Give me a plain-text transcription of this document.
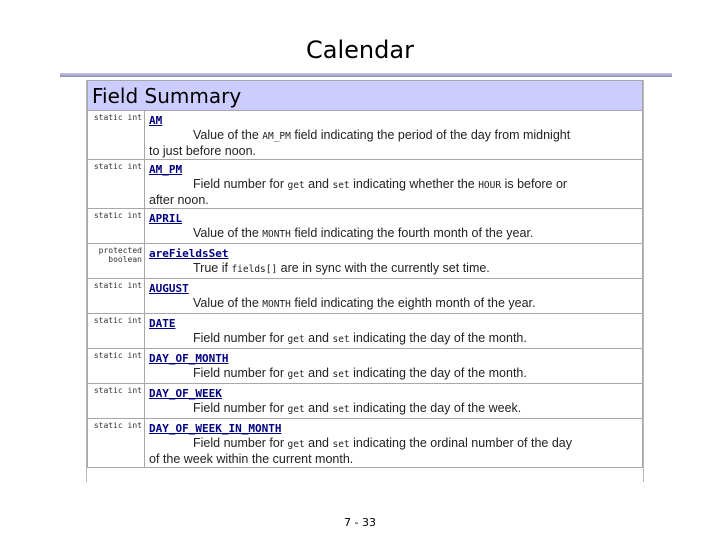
Calendar
Field Summary	
static int	AM
Value of the AM_PM field indicating the period of the day from midnight
to just before noon.

static int	AM_PM
Field number for get and set indicating whether the HOUR is before or
after noon.

static int	APRIL
Value of the MONTH field indicating the fourth month of the year.

protected boolean	areFieldsSet
True if fields[] are in sync with the currently set time.

static int	AUGUST
Value of the MONTH field indicating the eighth month of the year.

static int	DATE
Field number for get and set indicating the day of the month.

static int	DAY_OF_MONTH
Field number for get and set indicating the day of the month.

static int	DAY_OF_WEEK
Field number for get and set indicating the day of the week.

static int	DAY_OF_WEEK_IN_MONTH
Field number for get and set indicating the ordinal number of the day
of the week within the current month.
7 - 33
